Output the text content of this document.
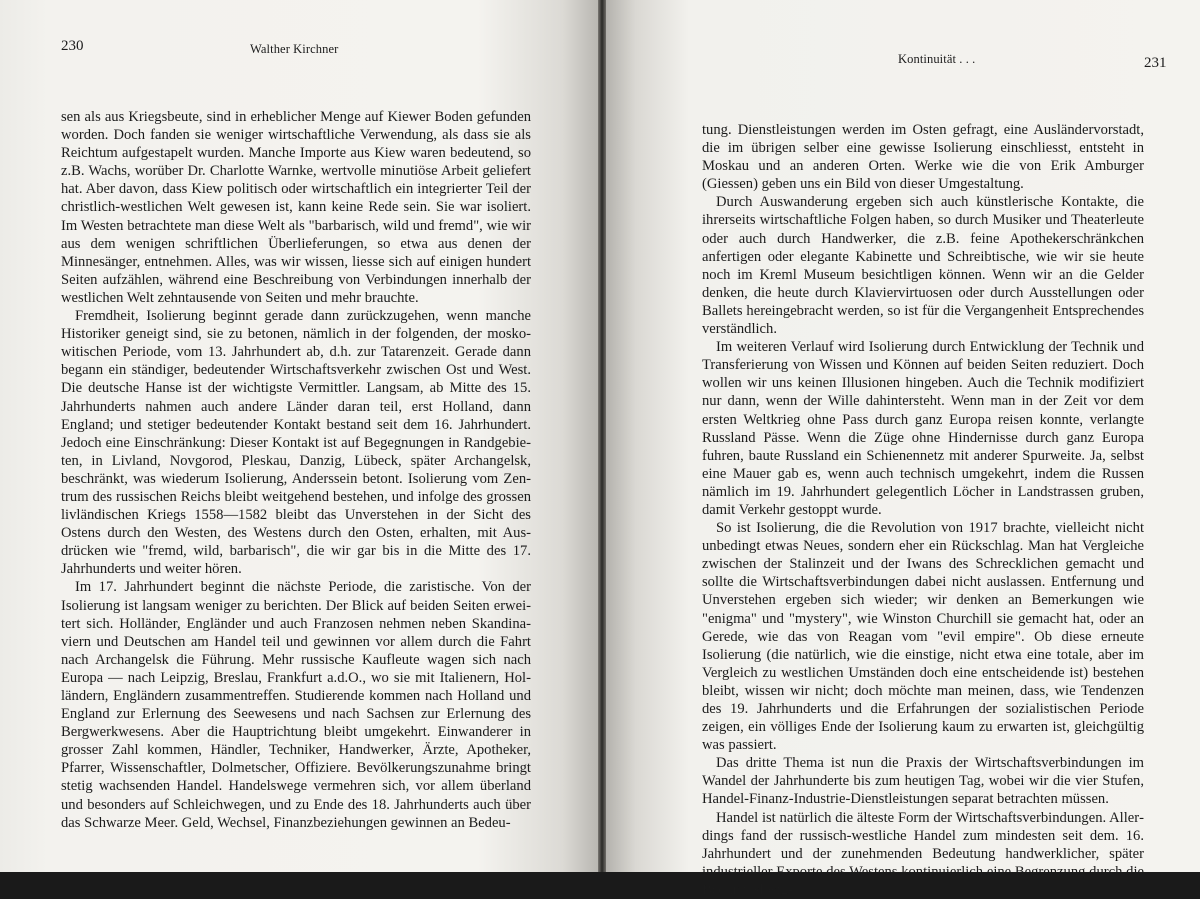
230	Walther Kirchner

sen als aus Kriegsbeute, sind in erheblicher Menge auf Kiewer Boden gefunden worden. Doch fanden sie weniger wirtschaftliche Verwendung, als dass sie als Reichtum aufgestapelt wurden. Manche Importe aus Kiew waren bedeutend, so z.B. Wachs, worüber Dr. Charlotte Warnke, wertvolle minutiöse Arbeit geliefert hat. Aber davon, dass Kiew politisch oder wirtschaftlich ein integrierter Teil der christlich-westlichen Welt gewesen ist, kann keine Rede sein. Sie war isoliert. Im Westen betrachtete man diese Welt als "barbarisch, wild und fremd", wie wir aus dem wenigen schriftlichen Überlieferungen, so etwa aus denen der Minnesänger, entnehmen. Alles, was wir wissen, liesse sich auf einigen hundert Seiten aufzählen, während eine Beschreibung von Verbindungen innerhalb der westlichen Welt zehntausende von Seiten und mehr brauchte.

Fremdheit, Isolierung beginnt gerade dann zurückzugehen, wenn manche Historiker geneigt sind, sie zu betonen, nämlich in der folgenden, der moskowitischen Periode, vom 13. Jahrhundert ab, d.h. zur Tatarenzeit. Gerade dann begann ein ständiger, bedeutender Wirtschaftsverkehr zwischen Ost und West. Die deutsche Hanse ist der wichtigste Vermittler. Langsam, ab Mitte des 15. Jahrhunderts nahmen auch andere Länder daran teil, erst Holland, dann England; und stetiger bedeutender Kontakt bestand seit dem 16. Jahrhundert. Jedoch eine Einschränkung: Dieser Kontakt ist auf Begegnungen in Randgebieten, in Livland, Novgorod, Pleskau, Danzig, Lübeck, später Archangelsk, beschränkt, was wiederum Isolierung, Anderssein betont. Isolierung vom Zentrum des russischen Reichs bleibt weitgehend bestehen, und infolge des grossen livländischen Kriegs 1558—1582 bleibt das Unverstehen in der Sicht des Ostens durch den Westen, des Westens durch den Osten, erhalten, mit Ausdrücken wie "fremd, wild, barbarisch", die wir gar bis in die Mitte des 17. Jahrhunderts und weiter hören.

Im 17. Jahrhundert beginnt die nächste Periode, die zaristische. Von der Isolierung ist langsam weniger zu berichten. Der Blick auf beiden Seiten erweitert sich. Holländer, Engländer und auch Franzosen nehmen neben Skandinaviern und Deutschen am Handel teil und gewinnen vor allem durch die Fahrt nach Archangelsk die Führung. Mehr russische Kaufleute wagen sich nach Europa — nach Leipzig, Breslau, Frankfurt a.d.O., wo sie mit Italienern, Holländern, Engländern zusammentreffen. Studierende kommen nach Holland und England zur Erlernung des Seewesens und nach Sachsen zur Erlernung des Bergwerkwesens. Aber die Hauptrichtung bleibt umgekehrt. Einwanderer in grosser Zahl kommen, Händler, Techniker, Handwerker, Ärzte, Apotheker, Pfarrer, Wissenschaftler, Dolmetscher, Offiziere. Bevölkerungszunahme bringt stetig wachsenden Handel. Handelswege vermehren sich, vor allem überland und besonders auf Schleichwegen, und zu Ende des 18. Jahrhunderts auch über das Schwarze Meer. Geld, Wechsel, Finanzbeziehungen gewinnen an Bedeu-

Kontinuität . . .	231

tung. Dienstleistungen werden im Osten gefragt, eine Ausländervorstadt, die im übrigen selber eine gewisse Isolierung einschliesst, entsteht in Moskau und an anderen Orten. Werke wie die von Erik Amburger (Giessen) geben uns ein Bild von dieser Umgestaltung.

Durch Auswanderung ergeben sich auch künstlerische Kontakte, die ihrerseits wirtschaftliche Folgen haben, so durch Musiker und Theaterleute oder auch durch Handwerker, die z.B. feine Apothekerschränkchen anfertigen oder elegante Kabinette und Schreibtische, wie wir sie heute noch im Kreml Museum besichtligen können. Wenn wir an die Gelder denken, die heute durch Klaviervirtuosen oder durch Ausstellungen oder Ballets hereingebracht werden, so ist für die Vergangenheit Entsprechendes verständlich.

Im weiteren Verlauf wird Isolierung durch Entwicklung der Technik und Transferierung von Wissen und Können auf beiden Seiten reduziert. Doch wollen wir uns keinen Illusionen hingeben. Auch die Technik modifiziert nur dann, wenn der Wille dahintersteht. Wenn man in der Zeit vor dem ersten Weltkrieg ohne Pass durch ganz Europa reisen konnte, verlangte Russland Pässe. Wenn die Züge ohne Hindernisse durch ganz Europa fuhren, baute Russland ein Schienennetz mit anderer Spurweite. Ja, selbst eine Mauer gab es, wenn auch technisch umgekehrt, indem die Russen nämlich im 19. Jahrhundert gelegentlich Löcher in Landstrassen gruben, damit Verkehr gestoppt wurde.

So ist Isolierung, die die Revolution von 1917 brachte, vielleicht nicht unbedingt etwas Neues, sondern eher ein Rückschlag. Man hat Vergleiche zwischen der Stalinzeit und der Iwans des Schrecklichen gemacht und sollte die Wirtschaftsverbindungen dabei nicht auslassen. Entfernung und Unverstehen ergeben sich wieder; wir denken an Bemerkungen wie "enigma" und "mystery", wie Winston Churchill sie gemacht hat, oder an Gerede, wie das von Reagan vom "evil empire". Ob diese erneute Isolierung (die natürlich, wie die einstige, nicht etwa eine totale, aber im Vergleich zu westlichen Umständen doch eine entscheidende ist) bestehen bleibt, wissen wir nicht; doch möchte man meinen, dass, wie Tendenzen des 19. Jahrhunderts und die Erfahrungen der sozialistischen Periode zeigen, ein völliges Ende der Isolierung kaum zu erwarten ist, gleichgültig was passiert.

Das dritte Thema ist nun die Praxis der Wirtschaftsverbindungen im Wandel der Jahrhunderte bis zum heutigen Tag, wobei wir die vier Stufen, Handel-Finanz-Industrie-Dienstleistungen separat betrachten müssen.

Handel ist natürlich die älteste Form der Wirtschaftsverbindungen. Allerdings fand der russisch-westliche Handel zum mindesten seit dem. 16. Jahrhundert und der zunehmenden Bedeutung handwerklicher, später industrieller Exporte des Westens kontinuierlich eine Begrenzung durch die Bedürfnislosig-
